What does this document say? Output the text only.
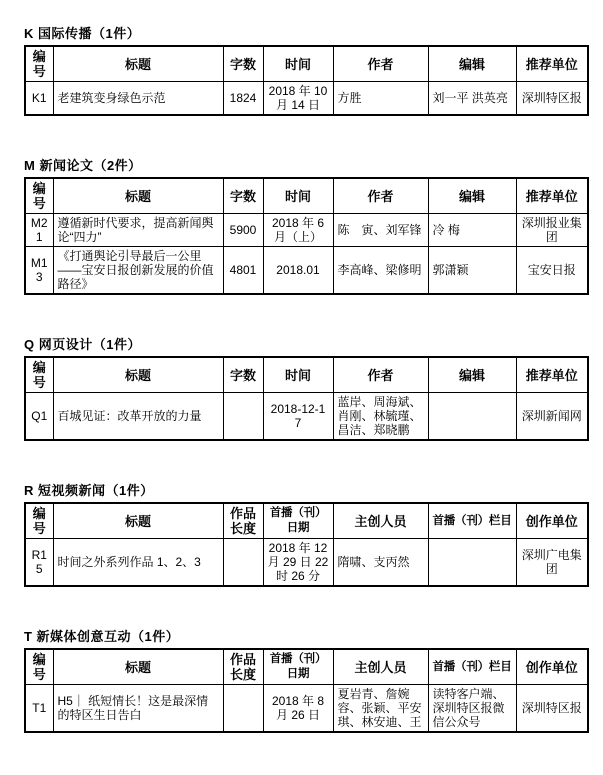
K 国际传播（1件）
编号	标题	字数	时间	作者	编辑	推荐单位
K1	老建筑变身绿色示范	1824	2018 年 10 月 14 日	方胜	刘一平 洪英亮	深圳特区报
M 新闻论文（2件）
编号	标题	字数	时间	作者	编辑	推荐单位
M21	遵循新时代要求，提高新闻舆论“四力”	5900	2018 年 6 月（上）	陈　寅、刘军锋	冷 梅	深圳报业集团
M13	《打通舆论引导最后一公里——宝安日报创新发展的价值路径》	4801	2018.01	李高峰、梁修明	郭潇颖	宝安日报
Q 网页设计（1件）
编号	标题	字数	时间	作者	编辑	推荐单位
Q1	百城见证：改革开放的力量		2018-12-17	蓝岸、周海斌、肖刚、林毓瑾、昌洁、郑晓鹏		深圳新闻网
R 短视频新闻（1件）
编号	标题	作品长度	首播（刊）日期	主创人员	首播（刊）栏目	创作单位
R15	时间之外系列作品 1、2、3		2018 年 12 月 29 日 22 时 26 分	隋啸、支丙然		深圳广电集团
T 新媒体创意互动（1件）
编号	标题	作品长度	首播（刊）日期	主创人员	首播（刊）栏目	创作单位
T1	H5｜ 纸短情长！这是最深情的特区生日告白		2018 年 8 月 26 日	夏岩青、詹婉容、张颖、平安琪、林安迪、王	读特客户端、深圳特区报微信公众号	深圳特区报
